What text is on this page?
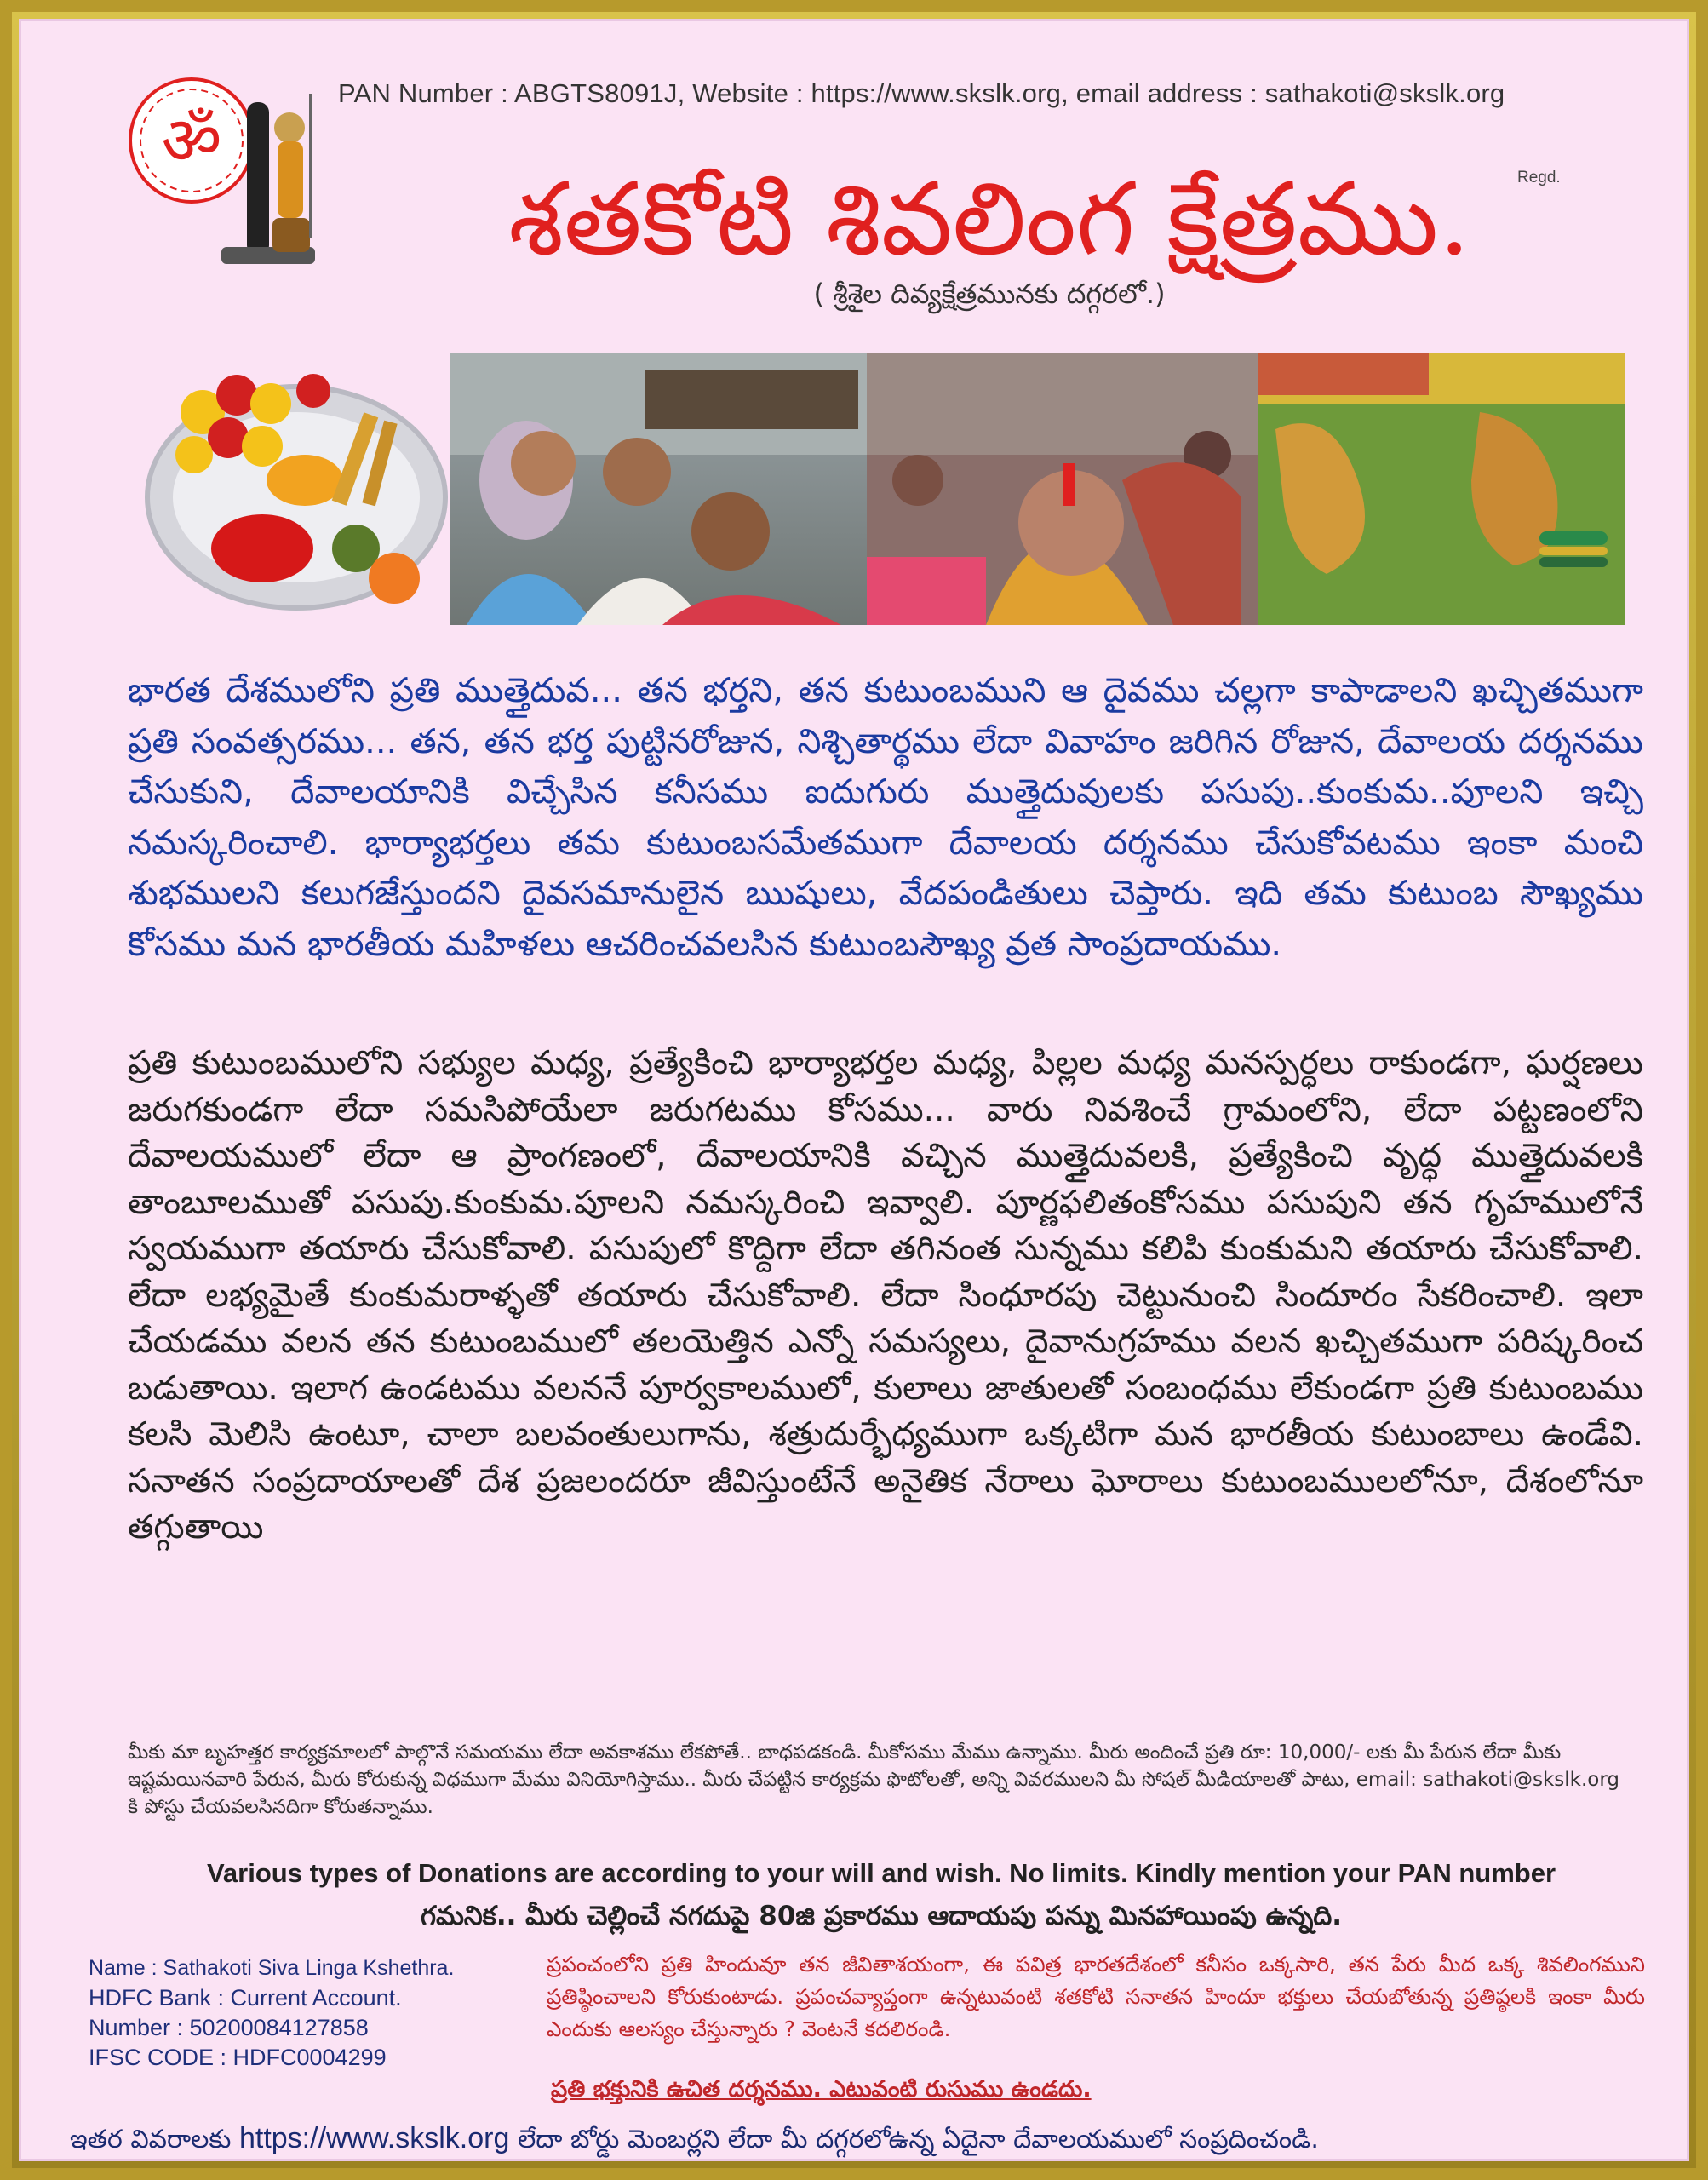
ॐ
PAN Number : ABGTS8091J, Website : https://www.skslk.org, email address : sathakoti@skslk.org
శతకోటి శివలింగ క్షేత్రము.	Regd.
( శ్రీశైల దివ్యక్షేత్రమునకు దగ్గరలో.)
భారత దేశములోని ప్రతి ముత్తైదువ... తన భర్తని, తన కుటుంబముని ఆ దైవము చల్లగా కాపాడాలని ఖచ్చితముగా ప్రతి సంవత్సరము... తన, తన భర్త పుట్టినరోజున, నిశ్చితార్థము లేదా వివాహం జరిగిన రోజున, దేవాలయ దర్శనము చేసుకుని, దేవాలయానికి విచ్చేసిన కనీసము ఐదుగురు ముత్తైదువులకు పసుపు..కుంకుమ..పూలని ఇచ్చి నమస్కరించాలి. భార్యాభర్తలు తమ కుటుంబసమేతముగా దేవాలయ దర్శనము చేసుకోవటము ఇంకా మంచి శుభములని కలుగజేస్తుందని దైవసమానులైన ఋషులు, వేదపండితులు చెప్తారు. ఇది తమ కుటుంబ సౌఖ్యము కోసము మన భారతీయ మహిళలు ఆచరించవలసిన కుటుంబసౌఖ్య వ్రత సాంప్రదాయము.
ప్రతి కుటుంబములోని సభ్యుల మధ్య, ప్రత్యేకించి భార్యాభర్తల మధ్య, పిల్లల మధ్య మనస్పర్ధలు రాకుండగా, ఘర్షణలు జరుగకుండగా లేదా సమసిపోయేలా జరుగటము కోసము... వారు నివశించే గ్రామంలోని, లేదా పట్టణంలోని దేవాలయములో లేదా ఆ ప్రాంగణంలో, దేవాలయానికి వచ్చిన ముత్తైదువలకి, ప్రత్యేకించి వృద్ధ ముత్తైదువలకి తాంబూలముతో పసుపు.కుంకుమ.పూలని నమస్కరించి ఇవ్వాలి. పూర్ణఫలితంకోసము పసుపుని తన గృహములోనే స్వయముగా తయారు చేసుకోవాలి. పసుపులో కొద్దిగా లేదా తగినంత సున్నము కలిపి కుంకుమని తయారు చేసుకోవాలి. లేదా లభ్యమైతే కుంకుమరాళ్ళతో తయారు చేసుకోవాలి. లేదా సింధూరపు చెట్టునుంచి సిందూరం సేకరించాలి. ఇలా చేయడము వలన తన కుటుంబములో తలయెత్తిన ఎన్నో సమస్యలు, దైవానుగ్రహము వలన ఖచ్చితముగా పరిష్కరించ బడుతాయి. ఇలాగ ఉండటము వలననే పూర్వకాలములో, కులాలు జాతులతో సంబంధము లేకుండగా ప్రతి కుటుంబము కలసి మెలిసి ఉంటూ, చాలా బలవంతులుగాను, శత్రుదుర్భేధ్యముగా ఒక్కటిగా మన భారతీయ కుటుంబాలు ఉండేవి. సనాతన సంప్రదాయాలతో దేశ ప్రజలందరూ జీవిస్తుంటేనే అనైతిక నేరాలు ఘోరాలు కుటుంబములలోనూ, దేశంలోనూ తగ్గుతాయి
మీకు మా బృహత్తర కార్యక్రమాలలో పాల్గొనే సమయము లేదా అవకాశము లేకపోతే.. బాధపడకండి. మీకోసము మేము ఉన్నాము. మీరు అందించే ప్రతి రూ: 10,000/- లకు మీ పేరున లేదా మీకు ఇష్టమయినవారి పేరున, మీరు కోరుకున్న విధముగా మేము వినియోగిస్తాము.. మీరు చేపట్టిన కార్యక్రమ ఫొటోలతో, అన్ని వివరములని మీ సోషల్ మీడియాలతో పాటు, email: sathakoti@skslk.org కి పోస్టు చేయవలసినదిగా కోరుతన్నాము.
Various types of Donations are according to your will and wish. No limits. Kindly mention your PAN number
గమనిక.. మీరు చెల్లించే నగదుపై 80జి ప్రకారము ఆదాయపు పన్ను మినహాయింపు ఉన్నది.
Name : Sathakoti Siva Linga Kshethra.
HDFC Bank : Current Account.
Number : 50200084127858
IFSC CODE : HDFC0004299
ప్రపంచంలోని ప్రతి హిందువూ తన జీవితాశయంగా, ఈ పవిత్ర భారతదేశంలో కనీసం ఒక్కసారి, తన పేరు మీద ఒక్క శివలింగముని ప్రతిష్ఠించాలని కోరుకుంటాడు. ప్రపంచవ్యాప్తంగా ఉన్నటువంటి శతకోటి సనాతన హిందూ భక్తులు చేయబోతున్న ప్రతిష్ఠలకి ఇంకా మీరు ఎందుకు ఆలస్యం చేస్తున్నారు ? వెంటనే కదలిరండి.
ప్రతి భక్తునికి ఉచిత దర్శనము. ఎటువంటి రుసుము ఉండదు.
ఇతర వివరాలకు https://www.skslk.org లేదా బోర్డు మెంబర్లని లేదా మీ దగ్గరలోఉన్న ఏదైనా దేవాలయములో సంప్రదించండి.
